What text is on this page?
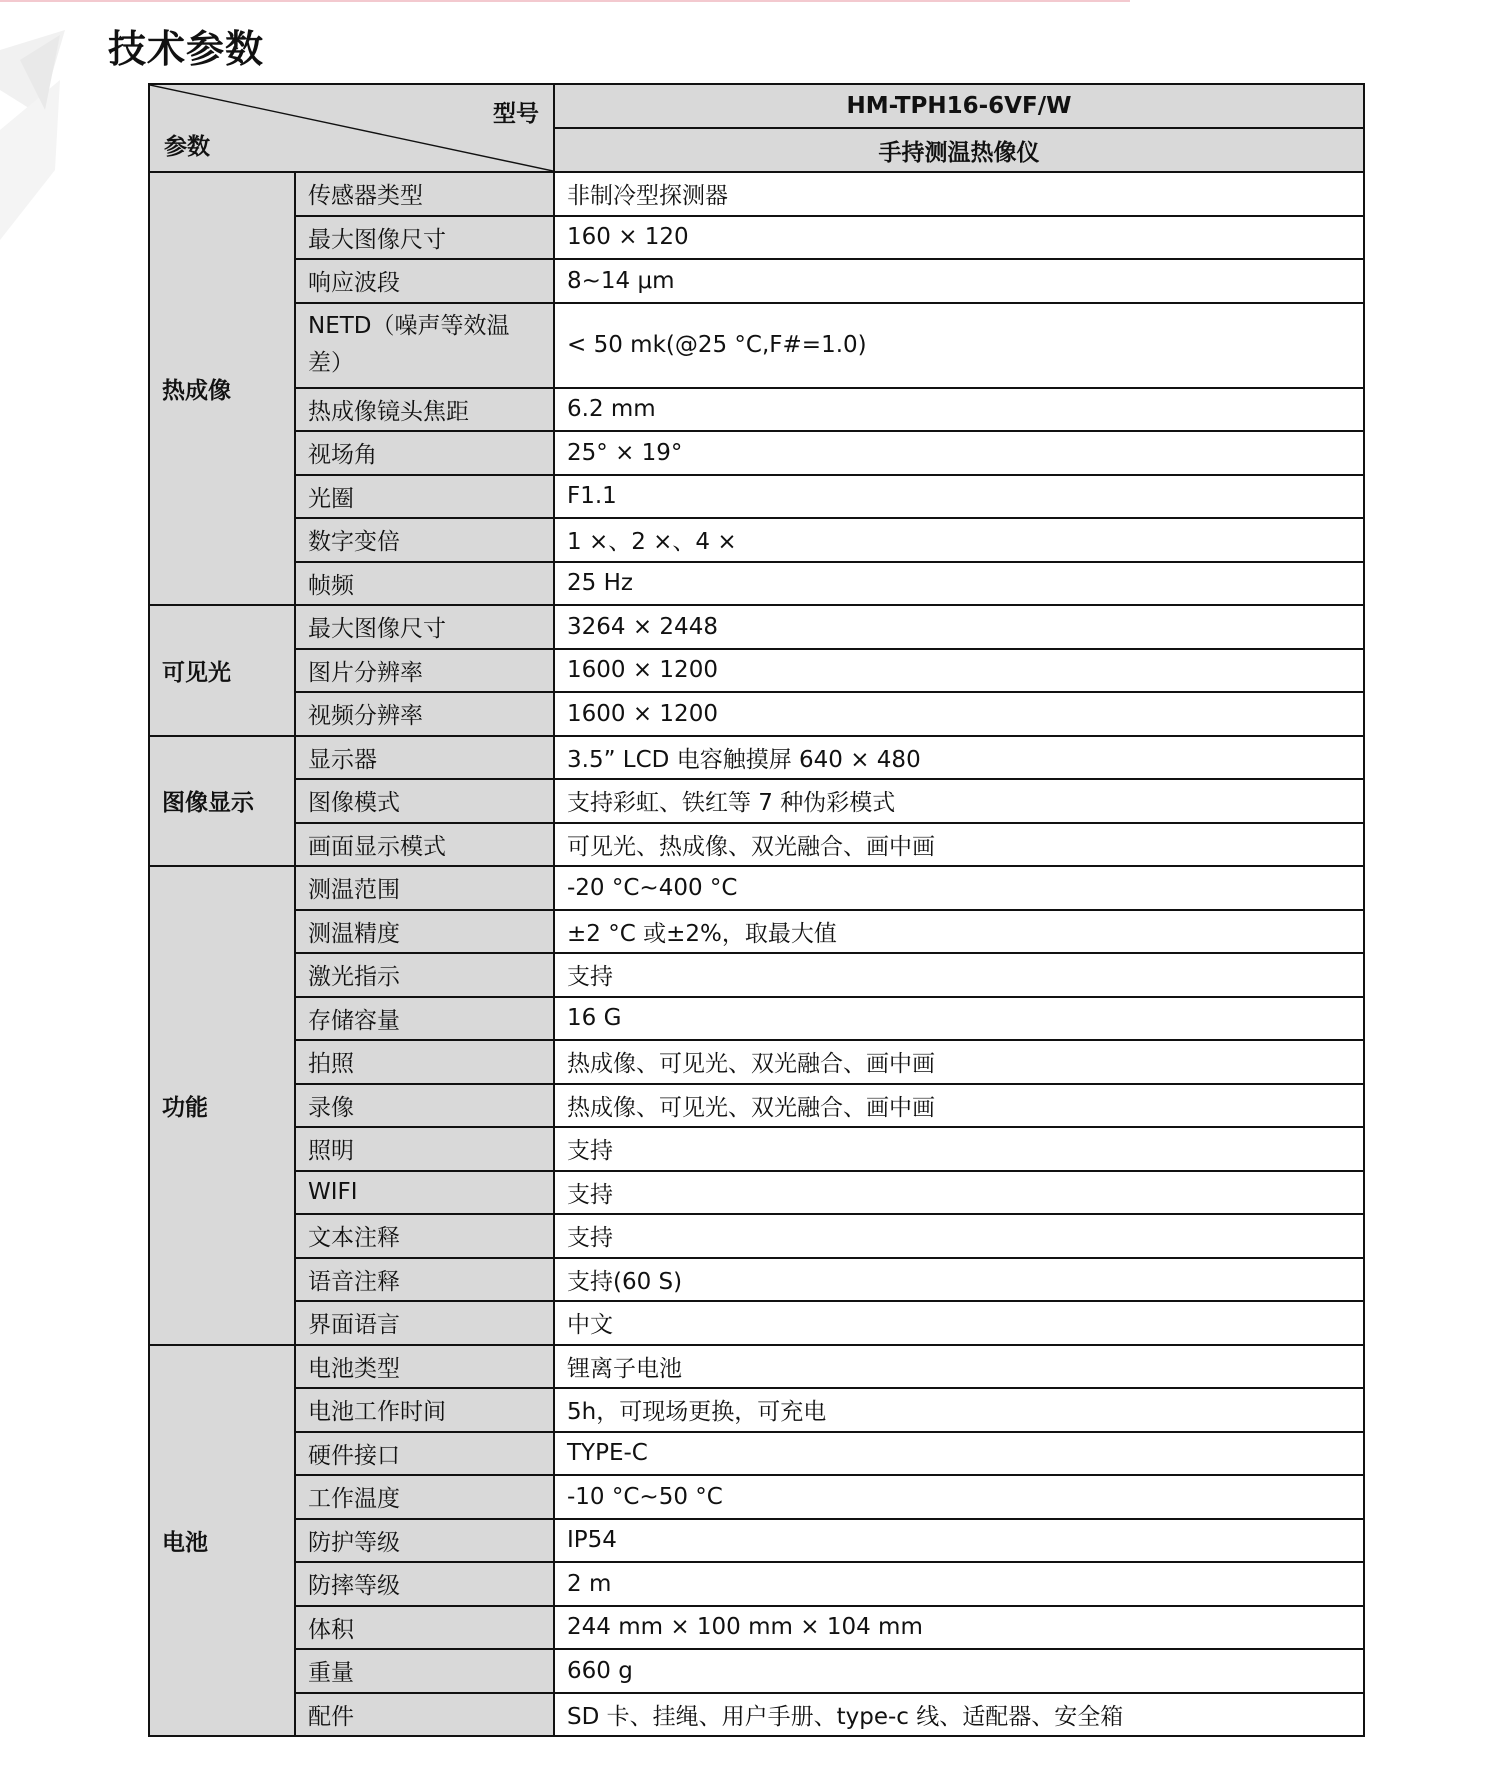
技术参数
型号
参数		HM-TPH16-6VF/W
		手持测温热像仪
热成像	传感器类型	非制冷型探测器
	最大图像尺寸	160 × 120
	响应波段	8~14 μm
	NETD（噪声等效温差）	< 50 mk(@25 °C,F#=1.0)
	热成像镜头焦距	6.2 mm
	视场角	25° × 19°
	光圈	F1.1
	数字变倍	1 ×、2 ×、4 ×
	帧频	25 Hz
可见光	最大图像尺寸	3264 × 2448
	图片分辨率	1600 × 1200
	视频分辨率	1600 × 1200
图像显示	显示器	3.5” LCD 电容触摸屏 640 × 480
	图像模式	支持彩虹、铁红等 7 种伪彩模式
	画面显示模式	可见光、热成像、双光融合、画中画
功能	测温范围	-20 °C~400 °C
	测温精度	±2 °C 或±2%，取最大值
	激光指示	支持
	存储容量	16 G
	拍照	热成像、可见光、双光融合、画中画
	录像	热成像、可见光、双光融合、画中画
	照明	支持
	WIFI	支持
	文本注释	支持
	语音注释	支持(60 S)
	界面语言	中文
电池	电池类型	锂离子电池
	电池工作时间	5h，可现场更换，可充电
	硬件接口	TYPE-C
	工作温度	-10 °C~50 °C
	防护等级	IP54
	防摔等级	2 m
	体积	244 mm × 100 mm × 104 mm
	重量	660 g
	配件	SD 卡、挂绳、用户手册、type-c 线、适配器、安全箱
